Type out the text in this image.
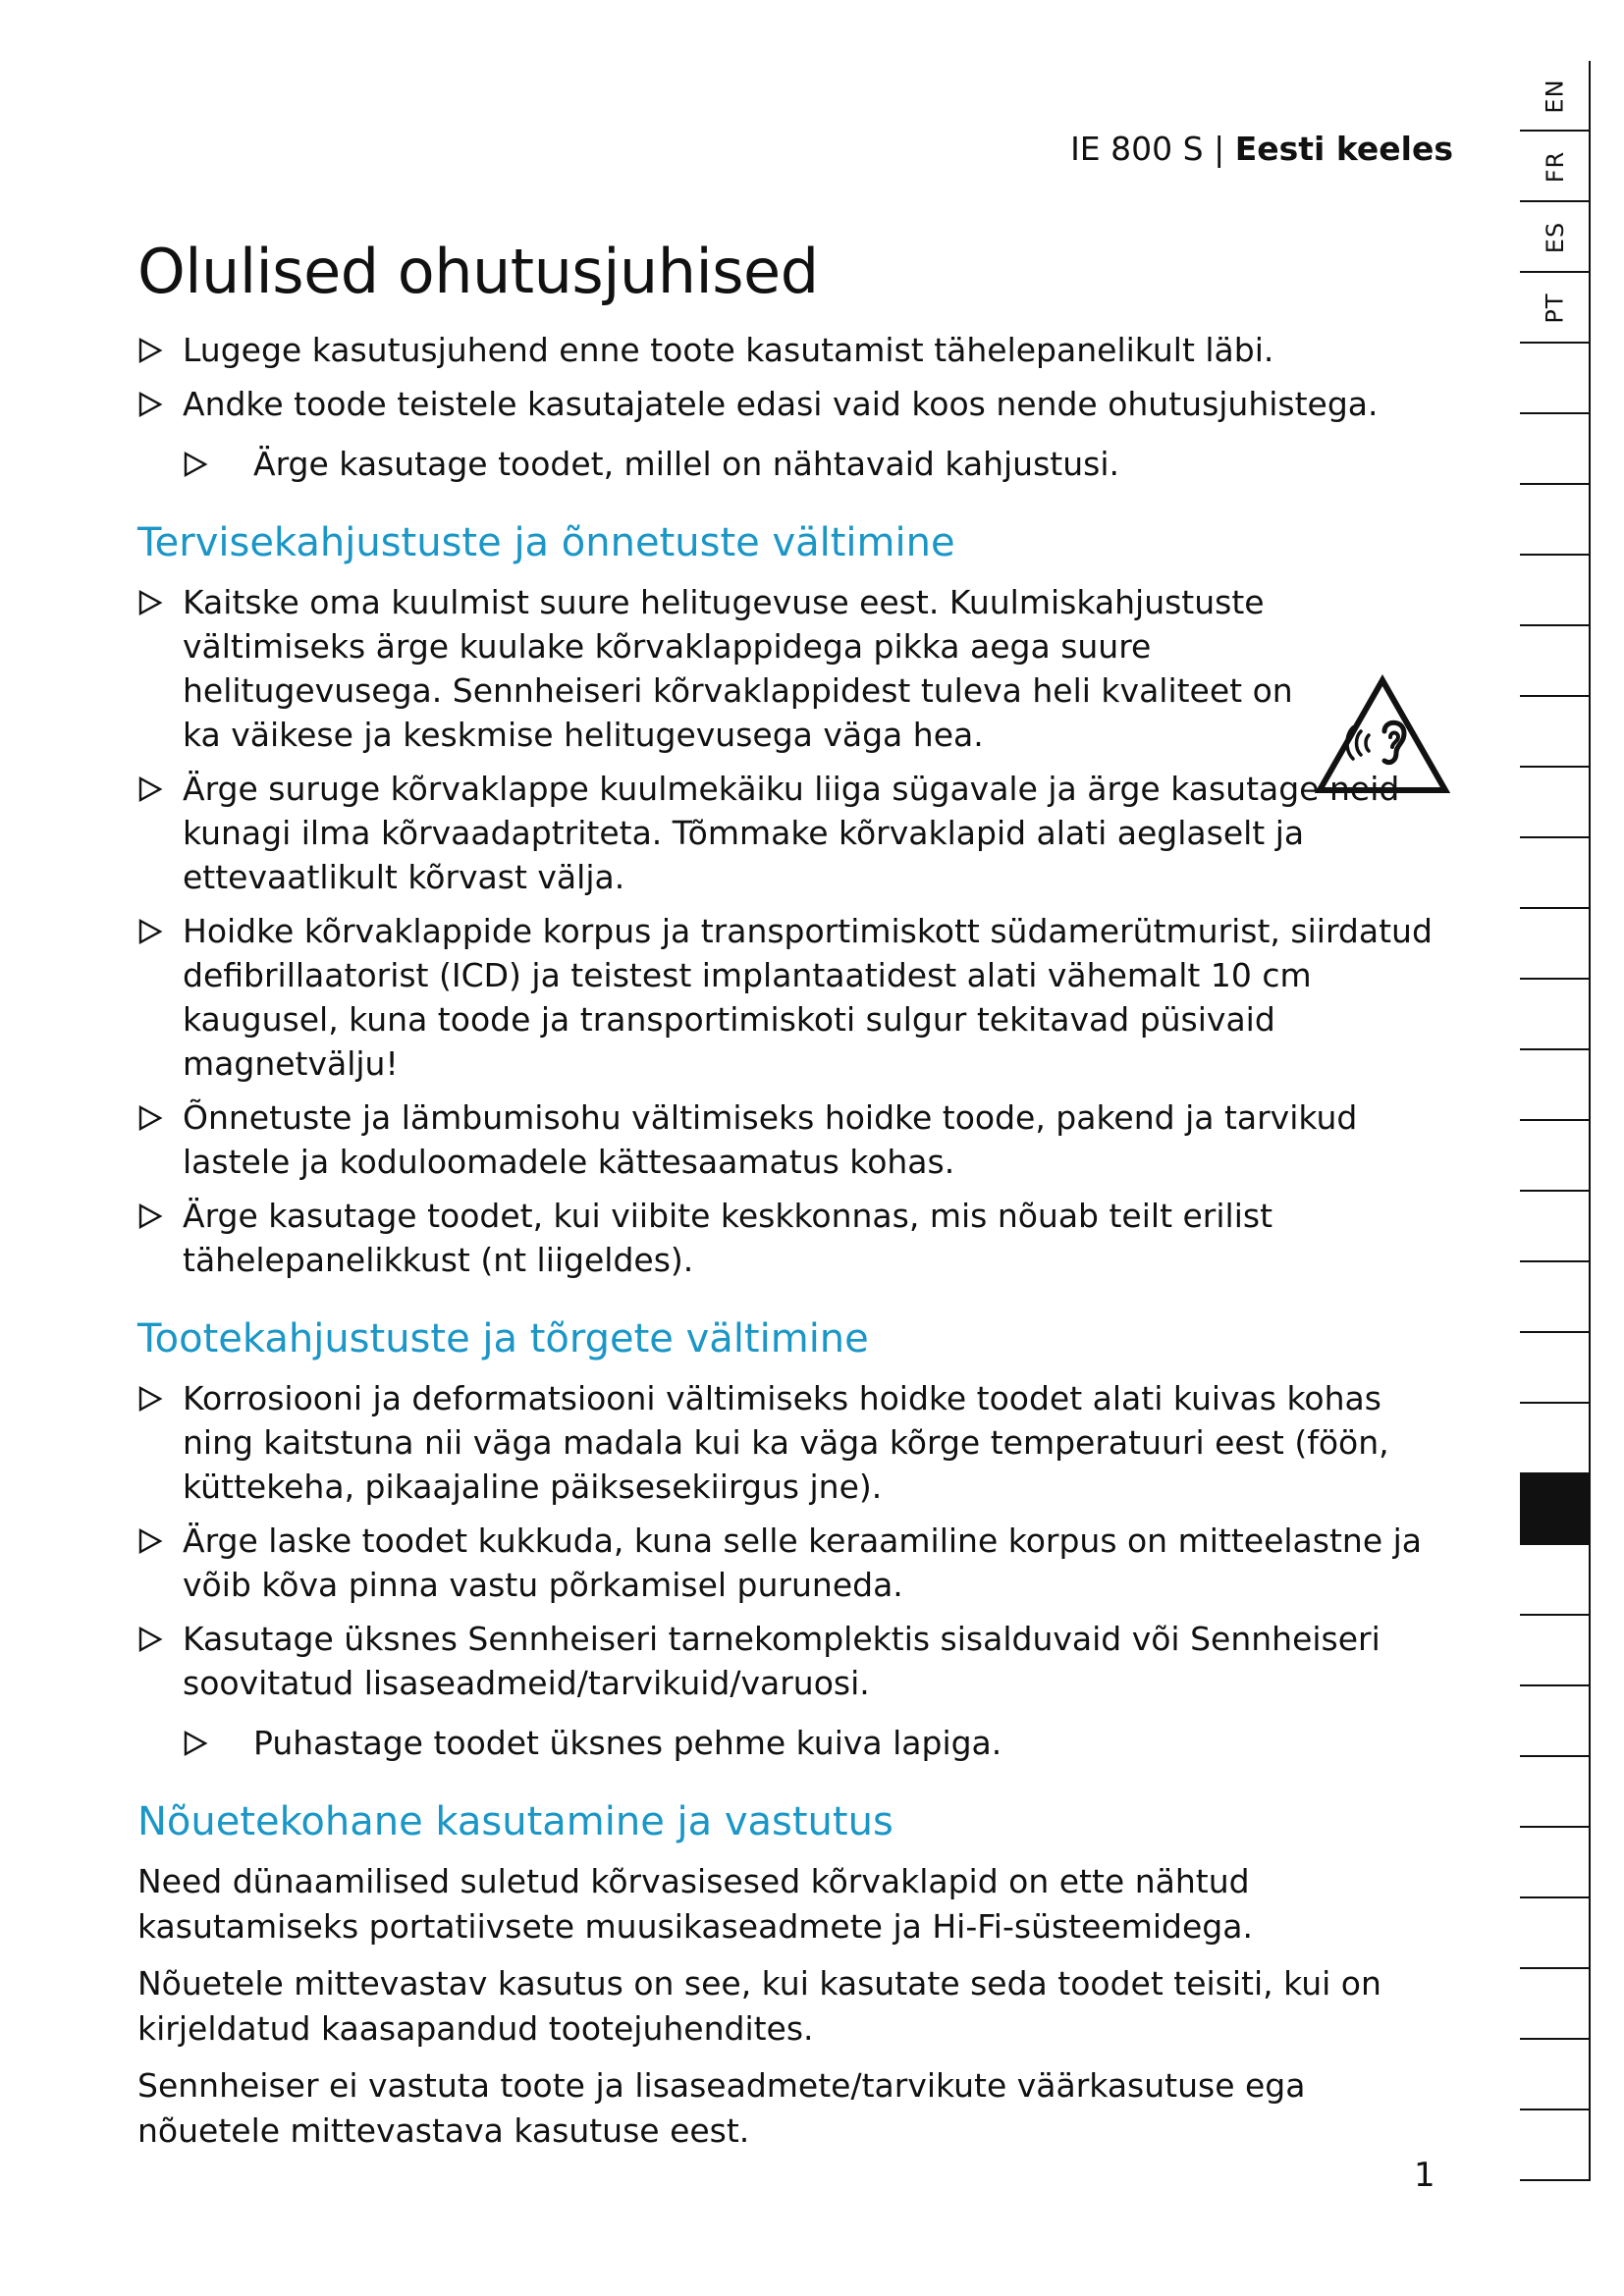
IE 800 S | Eesti keeles
Olulised ohutusjuhised
Lugege kasutusjuhend enne toote kasutamist tähelepanelikult läbi.
Andke toode teistele kasutajatele edasi vaid koos nende ohutusjuhistega.
Ärge kasutage toodet, millel on nähtavaid kahjustusi.
Tervisekahjustuste ja õnnetuste vältimine
Kaitske oma kuulmist suure helitugevuse eest. Kuulmiskahjustuste vältimiseks ärge kuulake kõrvaklappidega pikka aega suure helitugevusega. Sennheiseri kõrvaklappidest tuleva heli kvaliteet on ka väikese ja keskmise helitugevusega väga hea.
Ärge suruge kõrvaklappe kuulmekäiku liiga sügavale ja ärge kasutage neid kunagi ilma kõrvaadaptriteta. Tõmmake kõrvaklapid alati aeglaselt ja ettevaatlikult kõrvast välja.
Hoidke kõrvaklappide korpus ja transportimiskott südamerütmurist, siirdatud defibrillaatorist (ICD) ja teistest implantaatidest alati vähemalt 10 cm kaugusel, kuna toode ja transportimiskoti sulgur tekitavad püsivaid magnetvälju!
Õnnetuste ja lämbumisohu vältimiseks hoidke toode, pakend ja tarvikud lastele ja koduloomadele kättesaamatus kohas.
Ärge kasutage toodet, kui viibite keskkonnas, mis nõuab teilt erilist tähelepanelikkust (nt liigeldes).
Tootekahjustuste ja tõrgete vältimine
Korrosiooni ja deformatsiooni vältimiseks hoidke toodet alati kuivas kohas ning kaitstuna nii väga madala kui ka väga kõrge temperatuuri eest (föön, küttekeha, pikaajaline päiksesekiirgus jne).
Ärge laske toodet kukkuda, kuna selle keraamiline korpus on mitteelastne ja võib kõva pinna vastu põrkamisel puruneda.
Kasutage üksnes Sennheiseri tarnekomplektis sisalduvaid või Sennheiseri soovitatud lisaseadmeid/tarvikuid/varuosi.
Puhastage toodet üksnes pehme kuiva lapiga.
Nõuetekohane kasutamine ja vastutus

Need dünaamilised suletud kõrvasisesed kõrvaklapid on ette nähtud kasutamiseks portatiivsete muusikaseadmete ja Hi-Fi-süsteemidega.

Nõuetele mittevastav kasutus on see, kui kasutate seda toodet teisiti, kui on kirjeldatud kaasapandud tootejuhendites.

Sennheiser ei vastuta toote ja lisaseadmete/tarvikute väärkasutuse ega nõuetele mittevastava kasutuse eest.

1
EN
FR
ES
PT
